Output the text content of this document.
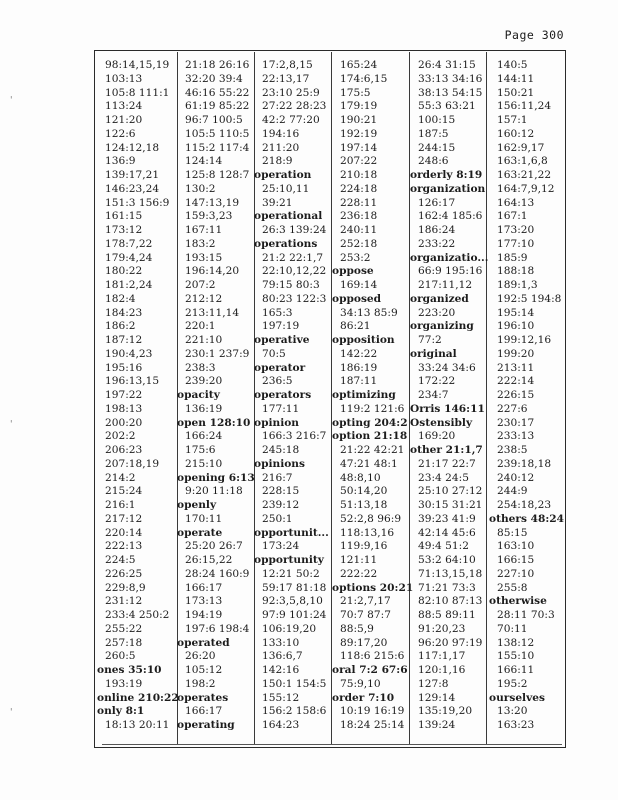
Page 300
'
'
'
98:14,15,19
103:13
105:8 111:1
113:24
121:20
122:6
124:12,18
136:9
139:17,21
146:23,24
151:3 156:9
161:15
173:12
178:7,22
179:4,24
180:22
181:2,24
182:4
184:23
186:2
187:12
190:4,23
195:16
196:13,15
197:22
198:13
200:20
202:2
206:23
207:18,19
214:2
215:24
216:1
217:12
220:14
222:13
224:5
226:25
229:8,9
231:12
233:4 250:2
255:22
257:18
260:5
ones 35:10
193:19
online 210:22
only 8:1
18:13 20:11
21:18 26:16
32:20 39:4
46:16 55:22
61:19 85:22
96:7 100:5
105:5 110:5
115:2 117:4
124:14
125:8 128:7
130:2
147:13,19
159:3,23
167:11
183:2
193:15
196:14,20
207:2
212:12
213:11,14
220:1
221:10
230:1 237:9
238:3
239:20
opacity
136:19
open 128:10
166:24
175:6
215:10
opening 6:13
9:20 11:18
openly
170:11
operate
25:20 26:7
26:15,22
28:24 160:9
166:17
173:13
194:19
197:6 198:4
operated
26:20
105:12
198:2
operates
166:17
operating
17:2,8,15
22:13,17
23:10 25:9
27:22 28:23
42:2 77:20
194:16
211:20
218:9
operation
25:10,11
39:21
operational
26:3 139:24
operations
21:2 22:1,7
22:10,12,22
79:15 80:3
80:23 122:3
165:3
197:19
operative
70:5
operator
236:5
operators
177:11
opinion
166:3 216:7
245:18
opinions
216:7
228:15
239:12
250:1
opportunit...
173:24
opportunity
12:21 50:2
59:17 81:18
92:3,5,8,10
97:9 101:24
106:19,20
133:10
136:6,7
142:16
150:1 154:5
155:12
156:2 158:6
164:23
165:24
174:6,15
175:5
179:19
190:21
192:19
197:14
207:22
210:18
224:18
228:11
236:18
240:11
252:18
253:2
oppose
169:14
opposed
34:13 85:9
86:21
opposition
142:22
186:19
187:11
optimizing
119:2 121:6
opting 204:2
option 21:18
21:22 42:21
47:21 48:1
48:8,10
50:14,20
51:13,18
52:2,8 96:9
118:13,16
119:9,16
121:11
222:22
options 20:21
21:2,7,17
70:7 87:7
88:5,9
89:17,20
118:6 215:6
oral 7:2 67:6
75:9,10
order 7:10
10:19 16:19
18:24 25:14
26:4 31:15
33:13 34:16
38:13 54:15
55:3 63:21
100:15
187:5
244:15
248:6
orderly 8:19
organization
126:17
162:4 185:6
186:24
233:22
organizatio...
66:9 195:16
217:11,12
organized
223:20
organizing
77:2
original
33:24 34:6
172:22
234:7
Orris 146:11
Ostensibly
169:20
other 21:1,7
21:17 22:7
23:4 24:5
25:10 27:12
30:15 31:21
39:23 41:9
42:14 45:6
49:4 51:2
53:2 64:10
71:13,15,18
71:21 73:3
82:10 87:13
88:5 89:11
91:20,23
96:20 97:19
117:1,17
120:1,16
127:8
129:14
135:19,20
139:24
140:5
144:11
150:21
156:11,24
157:1
160:12
162:9,17
163:1,6,8
163:21,22
164:7,9,12
164:13
167:1
173:20
177:10
185:9
188:18
189:1,3
192:5 194:8
195:14
196:10
199:12,16
199:20
213:11
222:14
226:15
227:6
230:17
233:13
238:5
239:18,18
240:12
244:9
254:18,23
others 48:24
85:15
163:10
166:15
227:10
255:8
otherwise
28:11 70:3
70:11
138:12
155:10
166:11
195:2
ourselves
13:20
163:23
